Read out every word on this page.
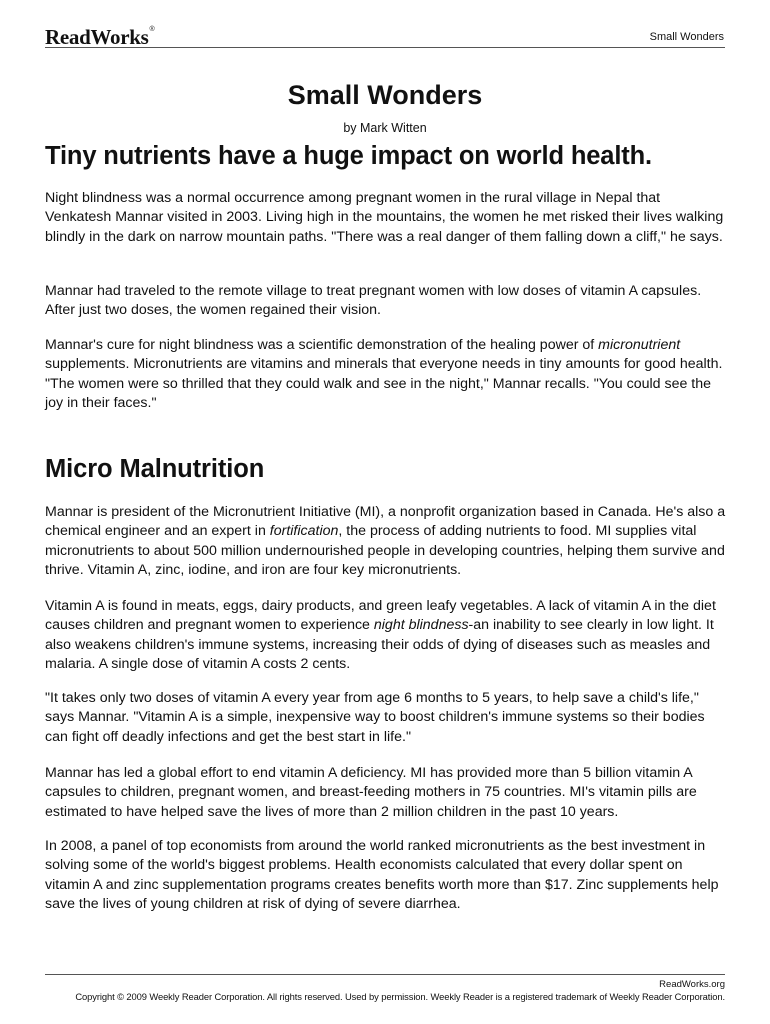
ReadWorks®
Small Wonders
Small Wonders
by Mark Witten
Tiny nutrients have a huge impact on world health.

Night blindness was a normal occurrence among pregnant women in the rural village in Nepal that Venkatesh Mannar visited in 2003. Living high in the mountains, the women he met risked their lives walking blindly in the dark on narrow mountain paths. "There was a real danger of them falling down a cliff," he says.

Mannar had traveled to the remote village to treat pregnant women with low doses of vitamin A capsules. After just two doses, the women regained their vision.

Mannar's cure for night blindness was a scientific demonstration of the healing power of micronutrient supplements. Micronutrients are vitamins and minerals that everyone needs in tiny amounts for good health. "The women were so thrilled that they could walk and see in the night," Mannar recalls. "You could see the joy in their faces."

Micro Malnutrition

Mannar is president of the Micronutrient Initiative (MI), a nonprofit organization based in Canada. He's also a chemical engineer and an expert in fortification, the process of adding nutrients to food. MI supplies vital micronutrients to about 500 million undernourished people in developing countries, helping them survive and thrive. Vitamin A, zinc, iodine, and iron are four key micronutrients.

Vitamin A is found in meats, eggs, dairy products, and green leafy vegetables. A lack of vitamin A in the diet causes children and pregnant women to experience night blindness-an inability to see clearly in low light. It also weakens children's immune systems, increasing their odds of dying of diseases such as measles and malaria. A single dose of vitamin A costs 2 cents.

"It takes only two doses of vitamin A every year from age 6 months to 5 years, to help save a child's life," says Mannar. "Vitamin A is a simple, inexpensive way to boost children's immune systems so their bodies can fight off deadly infections and get the best start in life."

Mannar has led a global effort to end vitamin A deficiency. MI has provided more than 5 billion vitamin A capsules to children, pregnant women, and breast-feeding mothers in 75 countries. MI's vitamin pills are estimated to have helped save the lives of more than 2 million children in the past 10 years.

In 2008, a panel of top economists from around the world ranked micronutrients as the best investment in solving some of the world's biggest problems. Health economists calculated that every dollar spent on vitamin A and zinc supplementation programs creates benefits worth more than $17. Zinc supplements help save the lives of young children at risk of dying of severe diarrhea.

ReadWorks.org
Copyright © 2009 Weekly Reader Corporation. All rights reserved. Used by permission. Weekly Reader is a registered trademark of Weekly Reader Corporation.
